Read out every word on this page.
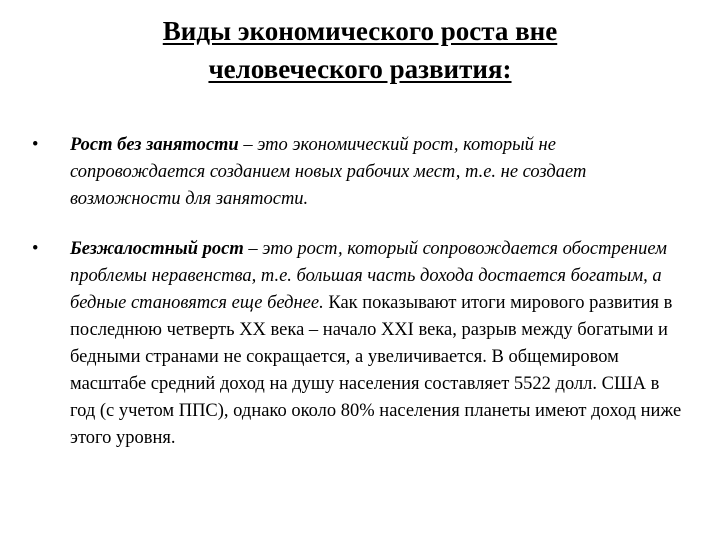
Виды экономического роста вне
человеческого развития:
• Рост без занятости – это экономический рост, который не сопровождается созданием новых рабочих мест, т.е. не создает возможности для занятости.
• Безжалостный рост – это рост, который сопровождается обострением проблемы неравенства, т.е. большая часть дохода достается богатым, а бедные становятся еще беднее. Как показывают итоги мирового развития в последнюю четверть XX века – начало XXI века, разрыв между богатыми и бедными странами не сокращается, а увеличивается. В общемировом масштабе средний доход на душу населения составляет 5522 долл. США в год (с учетом ППС), однако около 80% населения планеты имеют доход ниже этого уровня.
